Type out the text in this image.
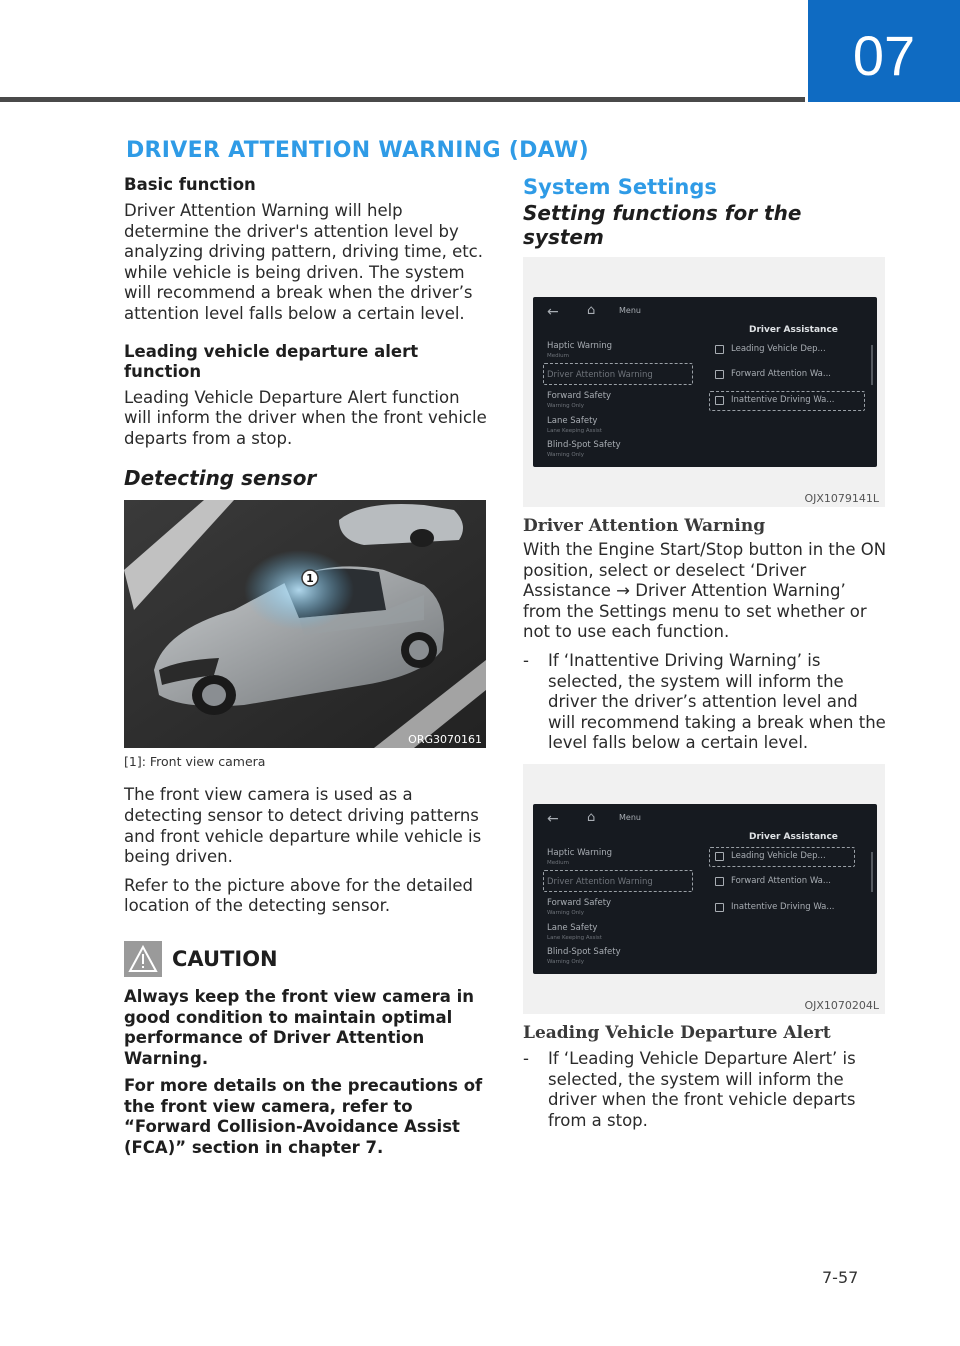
07
DRIVER ATTENTION WARNING (DAW)
Basic function
Driver Attention Warning will help determine the driver's attention level by analyzing driving pattern, driving time, etc. while vehicle is being driven. The system will recommend a break when the driver’s attention level falls below a certain level.
Leading vehicle departure alert function
Leading Vehicle Departure Alert function will inform the driver when the front vehicle departs from a stop.
Detecting sensor
1
ORG3070161
[1]: Front view camera
The front view camera is used as a detecting sensor to detect driving patterns and front vehicle departure while vehicle is being driven.
Refer to the picture above for the detailed location of the detecting sensor.
CAUTION
Always keep the front view camera in good condition to maintain optimal performance of Driver Attention Warning.
For more details on the precautions of the front view camera, refer to “Forward Collision-Avoidance Assist (FCA)” section in chapter 7.
System Settings
Setting functions for the system
← ⌂	Menu
Driver Assistance
Haptic Warning
Medium
Driver Attention Warning
Forward Safety
Warning Only
Lane Safety
Lane Keeping Assist
Blind-Spot Safety
Warning Only
Leading Vehicle Dep...
Forward Attention Wa...
Inattentive Driving Wa...
OJX1079141L
Driver Attention Warning
With the Engine Start/Stop button in the ON position, select or deselect ‘Driver Assistance → Driver Attention Warning’ from the Settings menu to set whether or not to use each function.
-	If ‘Inattentive Driving Warning’ is selected, the system will inform the driver the driver’s attention level and will recommend taking a break when the level falls below a certain level.
← ⌂	Menu
Driver Assistance
Haptic Warning
Medium
Driver Attention Warning
Forward Safety
Warning Only
Lane Safety
Lane Keeping Assist
Blind-Spot Safety
Warning Only
Leading Vehicle Dep...
Forward Attention Wa...
Inattentive Driving Wa...
OJX1070204L
Leading Vehicle Departure Alert
-	If ‘Leading Vehicle Departure Alert’ is selected, the system will inform the driver when the front vehicle departs from a stop.
7-57
